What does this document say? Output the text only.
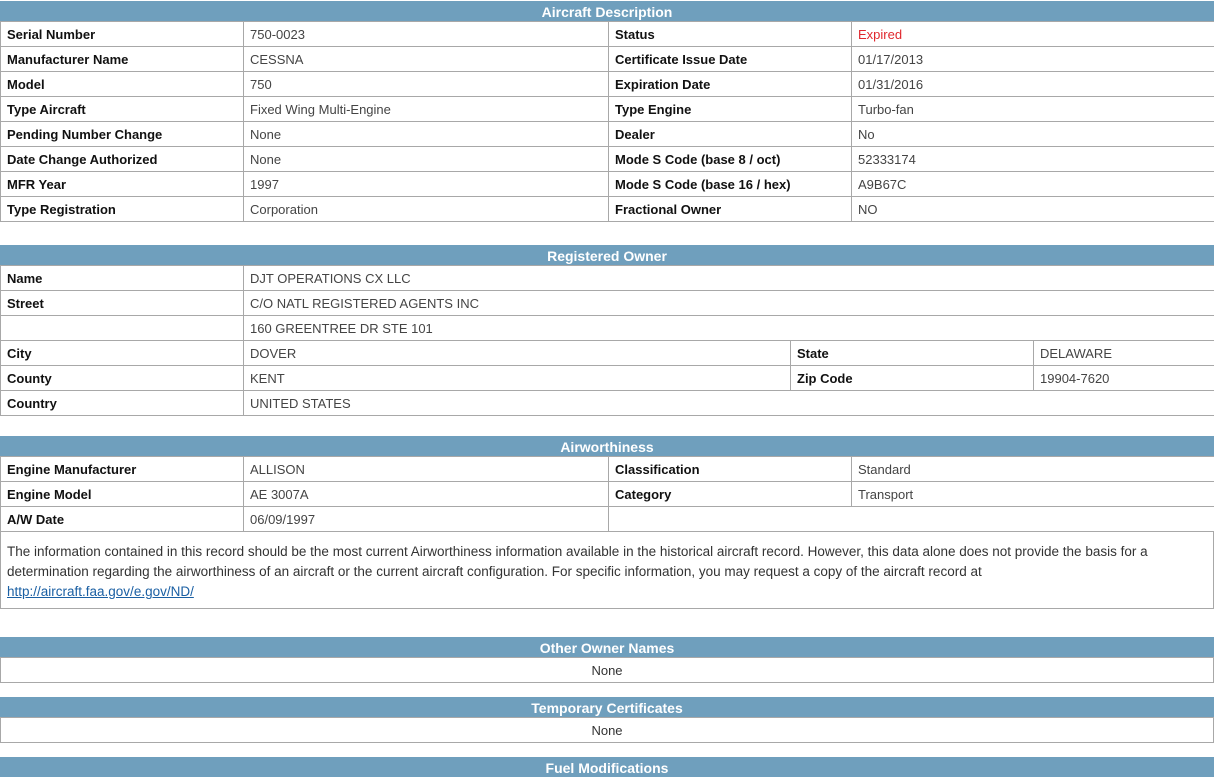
Aircraft Description
Serial Number	750-0023	Status	Expired
Manufacturer Name	CESSNA	Certificate Issue Date	01/17/2013
Model	750	Expiration Date	01/31/2016
Type Aircraft	Fixed Wing Multi-Engine	Type Engine	Turbo-fan
Pending Number Change	None	Dealer	No
Date Change Authorized	None	Mode S Code (base 8 / oct)	52333174
MFR Year	1997	Mode S Code (base 16 / hex)	A9B67C
Type Registration	Corporation	Fractional Owner	NO
Registered Owner
Name	DJT OPERATIONS CX LLC		
Street	C/O NATL REGISTERED AGENTS INC		
	160 GREENTREE DR STE 101		
City	DOVER	State	DELAWARE
County	KENT	Zip Code	19904-7620
Country	UNITED STATES		
Airworthiness
Engine Manufacturer	ALLISON	Classification	Standard
Engine Model	AE 3007A	Category	Transport
A/W Date	06/09/1997		
The information contained in this record should be the most current Airworthiness information available in the historical aircraft record. However, this data alone does not provide the basis for a determination regarding the airworthiness of an aircraft or the current aircraft configuration. For specific information, you may request a copy of the aircraft record at
http://aircraft.faa.gov/e.gov/ND/
Other Owner Names
None
Temporary Certificates
None
Fuel Modifications
